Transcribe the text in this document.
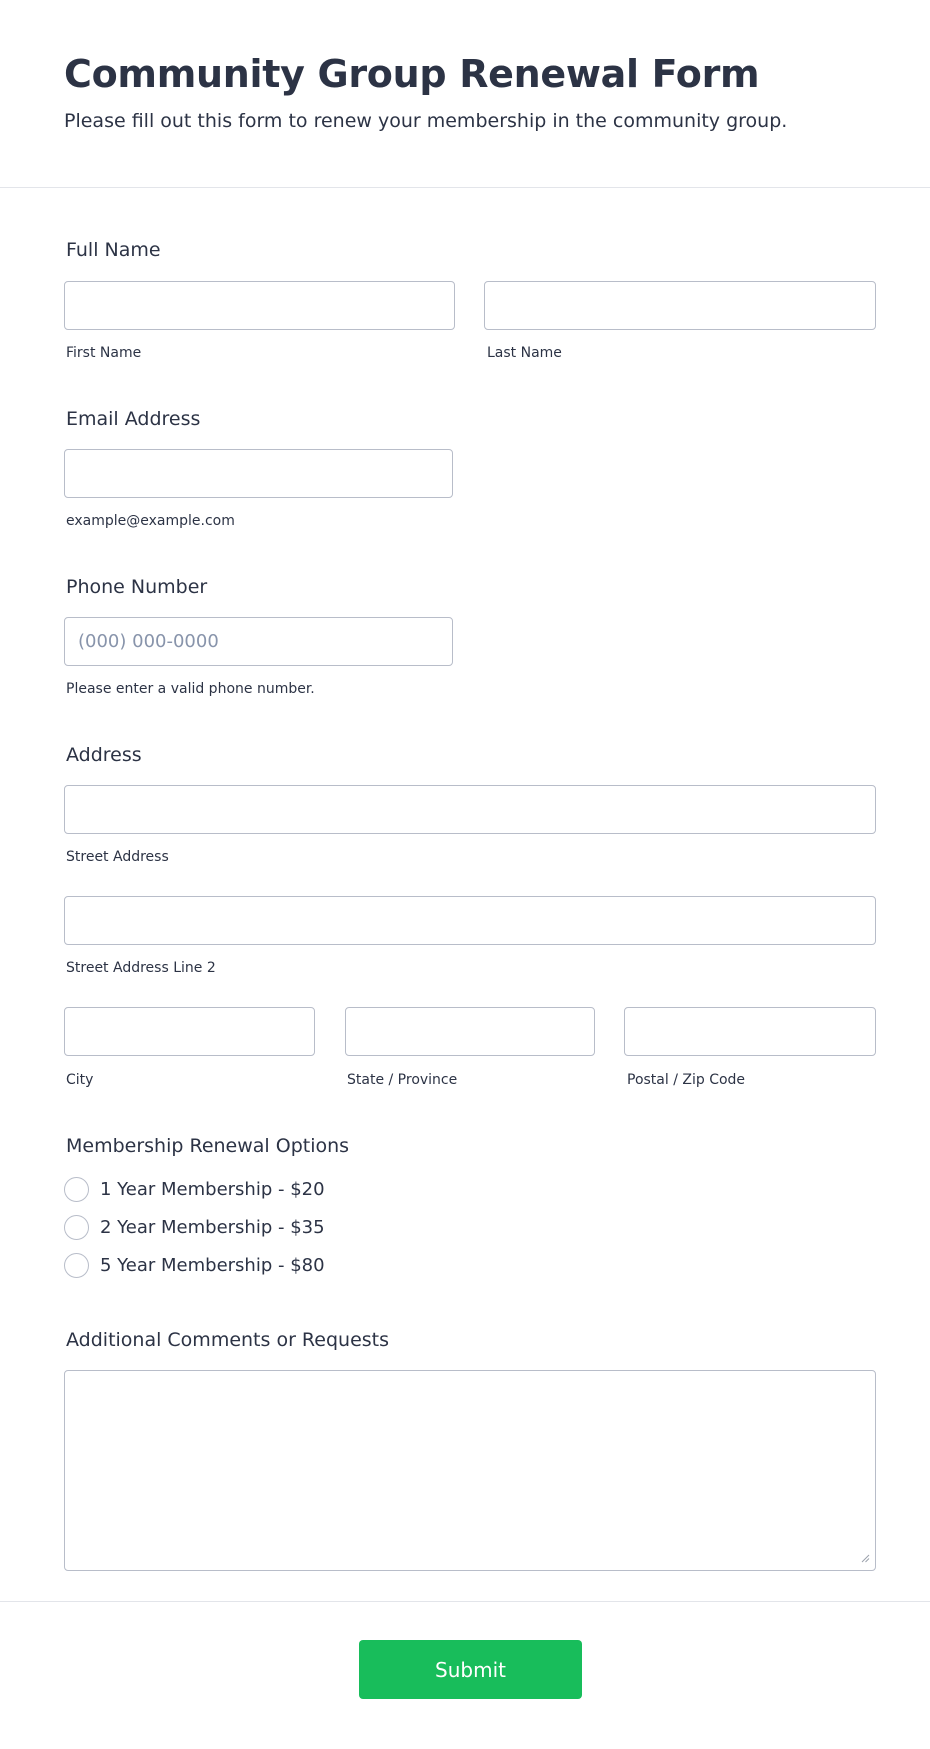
Community Group Renewal Form
Please fill out this form to renew your membership in the community group.
Full Name
First Name	Last Name
Email Address
example@example.com
Phone Number
(000) 000-0000
Please enter a valid phone number.
Address
Street Address
Street Address Line 2
City	State / Province	Postal / Zip Code
Membership Renewal Options
1 Year Membership - $20
2 Year Membership - $35
5 Year Membership - $80
Additional Comments or Requests
Submit
